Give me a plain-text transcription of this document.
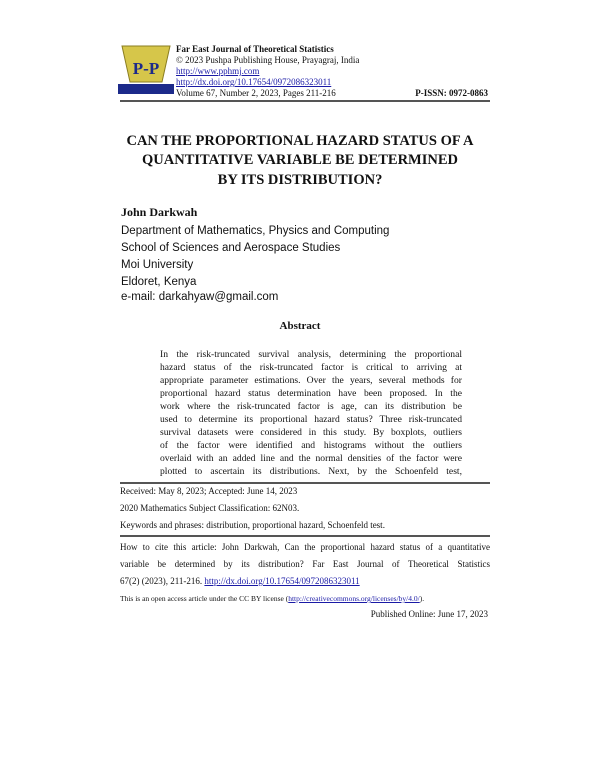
P-P
Far East Journal of Theoretical Statistics
© 2023 Pushpa Publishing House, Prayagraj, India
http://www.pphmj.com
http://dx.doi.org/10.17654/0972086323011
Volume 67, Number 2, 2023, Pages 211-216	P-ISSN: 0972-0863
CAN THE PROPORTIONAL HAZARD STATUS OF A
QUANTITATIVE VARIABLE BE DETERMINED
BY ITS DISTRIBUTION?
John Darkwah
Department of Mathematics, Physics and Computing
School of Sciences and Aerospace Studies
Moi University
Eldoret, Kenya
e-mail: darkahyaw@gmail.com
Abstract
In the risk-truncated survival analysis, determining the proportional
hazard status of the risk-truncated factor is critical to arriving at
appropriate parameter estimations. Over the years, several methods for
proportional hazard status determination have been proposed. In the
work where the risk-truncated factor is age, can its distribution be
used to determine its proportional hazard status? Three risk-truncated
survival datasets were considered in this study. By boxplots, outliers
of the factor were identified and histograms without the outliers
overlaid with an added line and the normal densities of the factor were
plotted to ascertain its distributions. Next, by the Schoenfeld test,
Received: May 8, 2023; Accepted: June 14, 2023
2020 Mathematics Subject Classification: 62N03.
Keywords and phrases: distribution, proportional hazard, Schoenfeld test.
How to cite this article: John Darkwah, Can the proportional hazard status of a quantitative
variable be determined by its distribution? Far East Journal of Theoretical Statistics
67(2) (2023), 211-216. http://dx.doi.org/10.17654/0972086323011
This is an open access article under the CC BY license (http://creativecommons.org/licenses/by/4.0/).
Published Online: June 17, 2023
